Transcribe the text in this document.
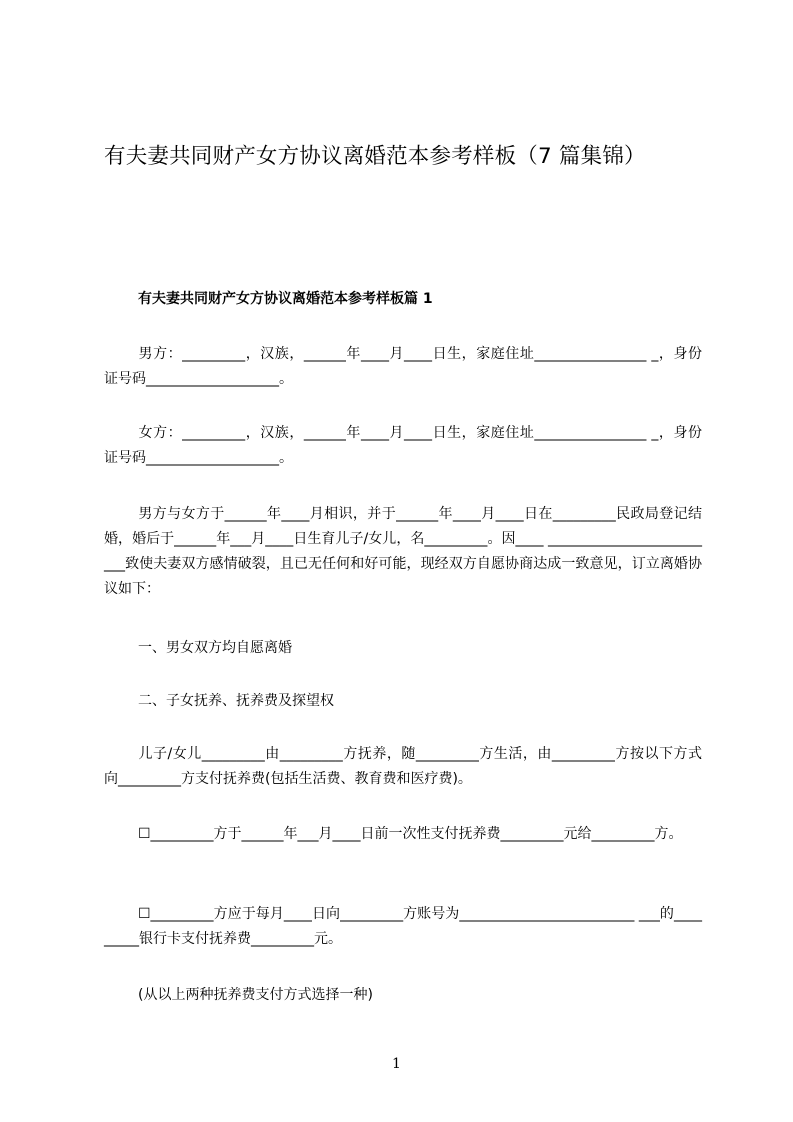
有夫妻共同财产女方协议离婚范本参考样板（7 篇集锦）
有夫妻共同财产女方协议离婚范本参考样板篇 1
男方：_________，汉族，______年____月____日生，家庭住址________________ _，身份证号码___________________。
女方：_________，汉族，______年____月____日生，家庭住址________________ _，身份证号码___________________。
男方与女方于______年____月相识，并于______年____月____日在_________民政局登记结婚，婚后于______年___月____日生育儿子/女儿，名_________。因____ _________________________致使夫妻双方感情破裂，且已无任何和好可能，现经双方自愿协商达成一致意见，订立离婚协议如下：
一、男女双方均自愿离婚
二、子女抚养、抚养费及探望权
儿子/女儿_________由_________方抚养，随_________方生活，由_________方按以下方式向_________方支付抚养费(包括生活费、教育费和医疗费)。
☐_________方于______年___月____日前一次性支付抚养费_________元给_________方。
☐_________方应于每月____日向_________方账号为_________________________ ___的_________银行卡支付抚养费_________元。
(从以上两种抚养费支付方式选择一种)
1
